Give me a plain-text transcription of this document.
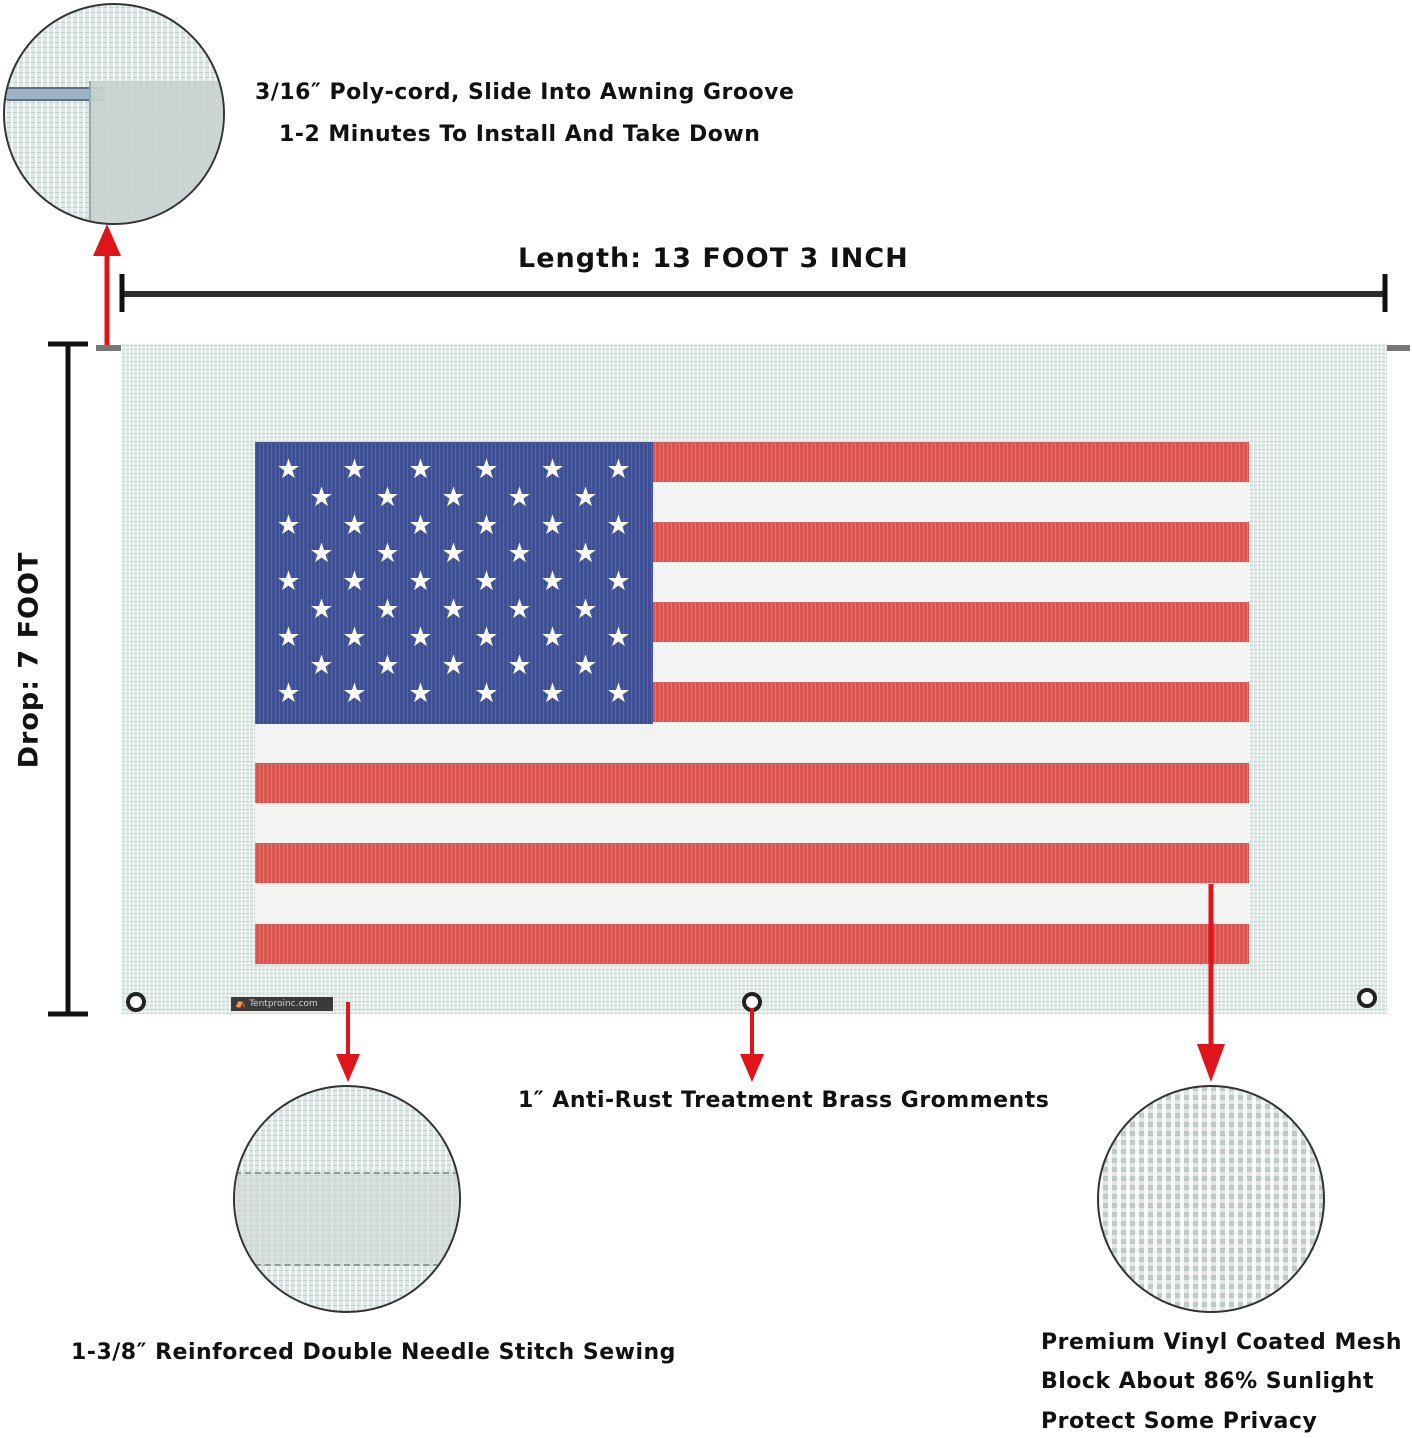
3/16″ Poly-cord, Slide Into Awning Groove
1-2 Minutes To Install And Take Down
Length: 13 FOOT 3 INCH
Drop: 7 FOOT
★ ★ ★ ★ ★ ★
★ ★ ★ ★ ★
★ ★ ★ ★ ★ ★
★ ★ ★ ★ ★
★ ★ ★ ★ ★ ★
★ ★ ★ ★ ★
★ ★ ★ ★ ★ ★
★ ★ ★ ★ ★
★ ★ ★ ★ ★ ★
⛺ Tentproinc.com
1″ Anti-Rust Treatment Brass Gromments
1-3/8″ Reinforced Double Needle Stitch Sewing	Premium Vinyl Coated Mesh
Block About 86% Sunlight
Protect Some Privacy
